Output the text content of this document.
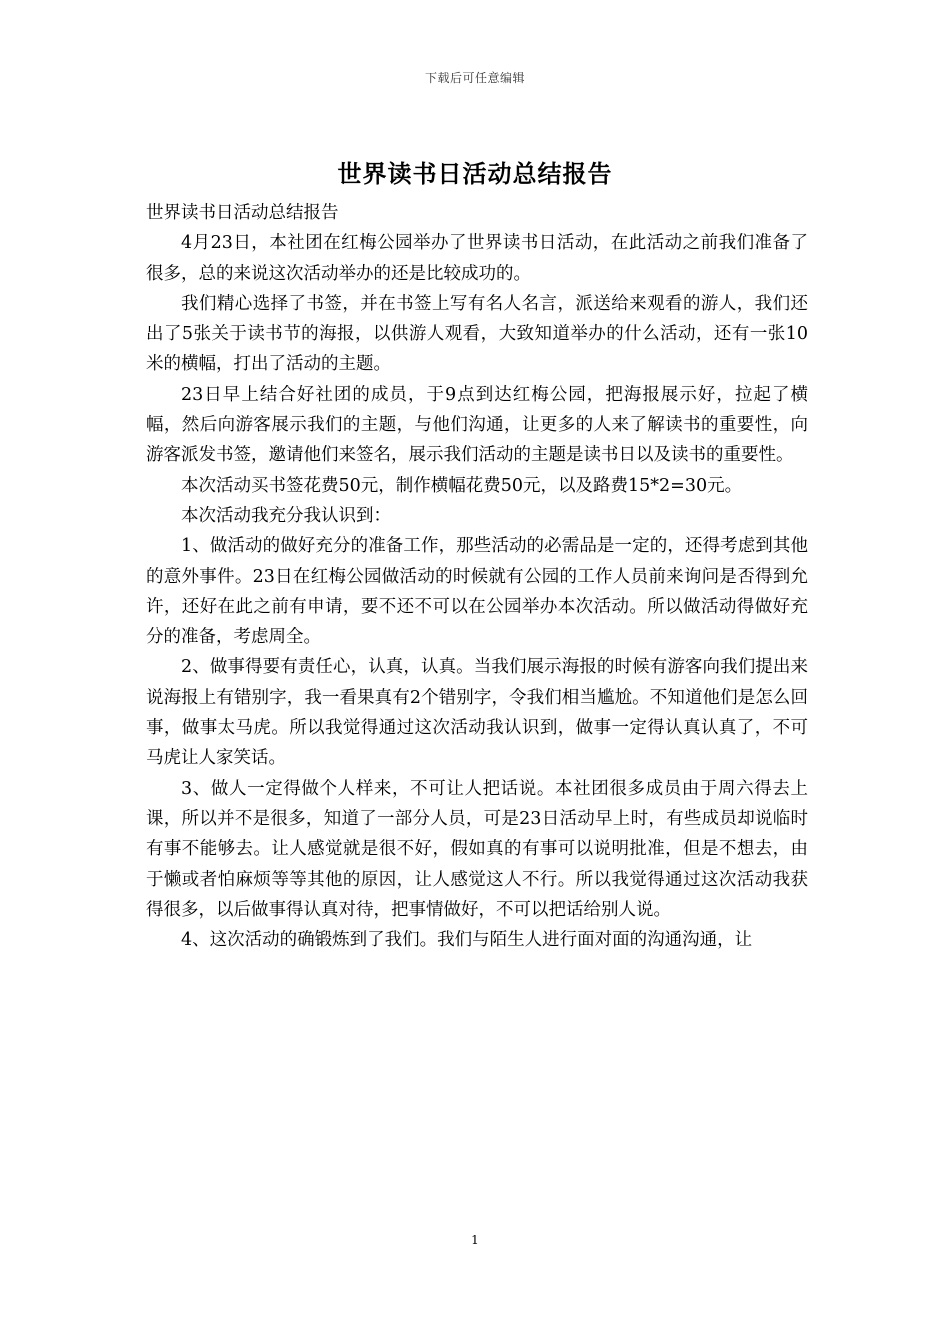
下载后可任意编辑
世界读书日活动总结报告

世界读书日活动总结报告

4月23日，本社团在红梅公园举办了世界读书日活动，在此活动之前我们准备了很多，总的来说这次活动举办的还是比较成功的。

我们精心选择了书签，并在书签上写有名人名言，派送给来观看的游人，我们还出了5张关于读书节的海报，以供游人观看，大致知道举办的什么活动，还有一张10米的横幅，打出了活动的主题。

23日早上结合好社团的成员，于9点到达红梅公园，把海报展示好，拉起了横幅，然后向游客展示我们的主题，与他们沟通，让更多的人来了解读书的重要性，向游客派发书签，邀请他们来签名，展示我们活动的主题是读书日以及读书的重要性。

本次活动买书签花费50元，制作横幅花费50元，以及路费15*2=30元。

本次活动我充分我认识到：

1、做活动的做好充分的准备工作，那些活动的必需品是一定的，还得考虑到其他的意外事件。23日在红梅公园做活动的时候就有公园的工作人员前来询问是否得到允许，还好在此之前有申请，要不还不可以在公园举办本次活动。所以做活动得做好充分的准备，考虑周全。

2、做事得要有责任心，认真，认真。当我们展示海报的时候有游客向我们提出来说海报上有错别字，我一看果真有2个错别字，令我们相当尴尬。不知道他们是怎么回事，做事太马虎。所以我觉得通过这次活动我认识到，做事一定得认真认真了，不可马虎让人家笑话。

3、做人一定得做个人样来，不可让人把话说。本社团很多成员由于周六得去上课，所以并不是很多，知道了一部分人员，可是23日活动早上时，有些成员却说临时有事不能够去。让人感觉就是很不好，假如真的有事可以说明批准，但是不想去，由于懒或者怕麻烦等等其他的原因，让人感觉这人不行。所以我觉得通过这次活动我获得很多，以后做事得认真对待，把事情做好，不可以把话给别人说。

4、这次活动的确锻炼到了我们。我们与陌生人进行面对面的沟通沟通，让

1
